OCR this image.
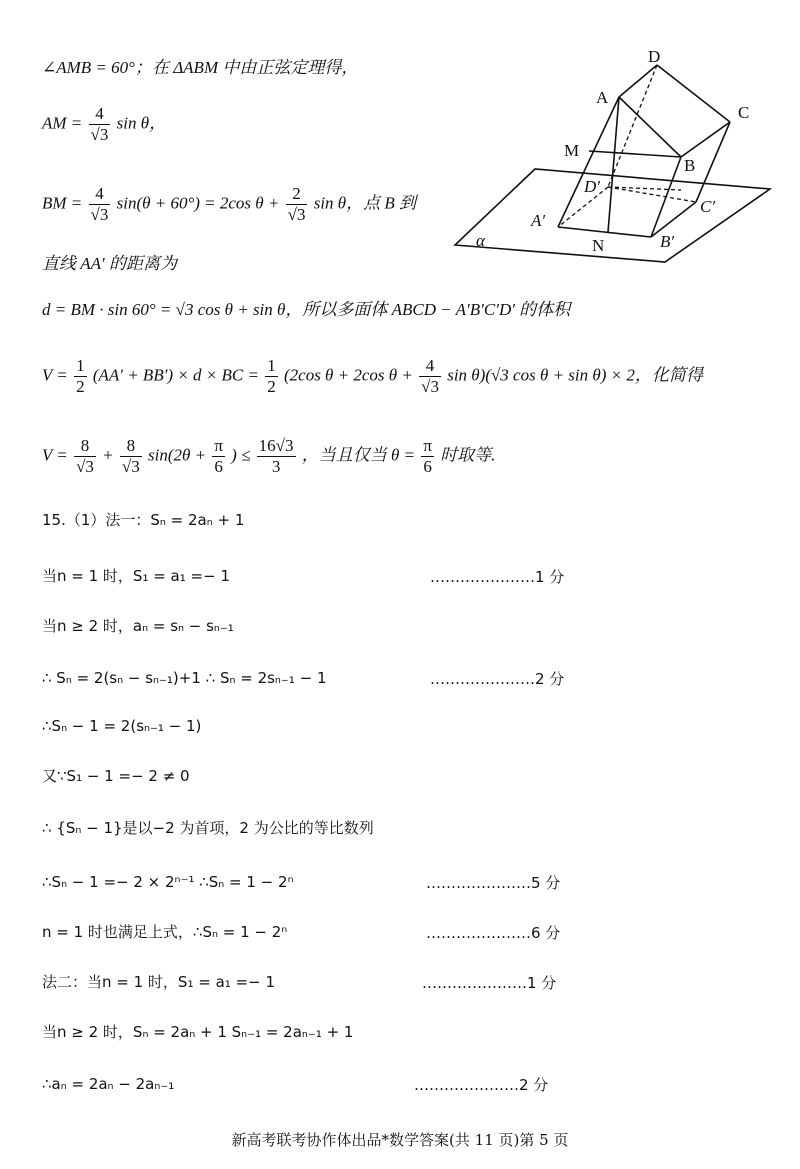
∠AMB = 60°；在 ΔABM 中由正弦定理得，
AM = $\frac{4}{√3}$ sin θ，
BM = $\frac{4}{√3} \sin(\theta + 60^\circ) = 2\cos$ $\theta + \frac{2}{√3}$ sin θ，点 B 到
直线 AA′ 的距离为
d = BM · sin 60° = √3 cos θ + sin θ，所以多面体 ABCD − A′B′C′D′ 的体积
$V = \frac{1}{2} (AA' + BB') \times d$ × BC = $\frac{1}{2} (2\cos$ θ + 2cos $\theta + \frac{4}{√3}$ sin θ)(√3 cos θ + sin θ) × 2，化简得
$V = \frac{8}{√3} + \frac{8}{√3} \sin(2\theta + \frac{\pi}{6}$ ) ≤ $\frac{16√3}{3}$ ，当且仅当 $\theta = \frac{\pi}{6}$ 时取等.
D
A
C
M
B
D′
C′
A′
α	N	B′
15.（1）法一：Sₙ = 2aₙ + 1
当n = 1 时，S₁ = a₁ =− 1	…………………1 分
当n ≥ 2 时，aₙ = sₙ − sₙ₋₁
∴ Sₙ = 2(sₙ − sₙ₋₁)+1 ∴ Sₙ = 2sₙ₋₁ − 1	…………………2 分
∴Sₙ − 1 = 2(sₙ₋₁ − 1)
又∵S₁ − 1 =− 2 ≠ 0
∴ {Sₙ − 1}是以−2 为首项，2 为公比的等比数列
∴Sₙ − 1 =− 2 × 2ⁿ⁻¹ ∴Sₙ = 1 − 2ⁿ	…………………5 分
n = 1 时也满足上式，∴Sₙ = 1 − 2ⁿ	…………………6 分
法二：当n = 1 时，S₁ = a₁ =− 1	…………………1 分
当n ≥ 2 时，Sₙ = 2aₙ + 1 Sₙ₋₁ = 2aₙ₋₁ + 1
∴aₙ = 2aₙ − 2aₙ₋₁	…………………2 分
新高考联考协作体出品*数学答案(共 11 页)第 5 页
